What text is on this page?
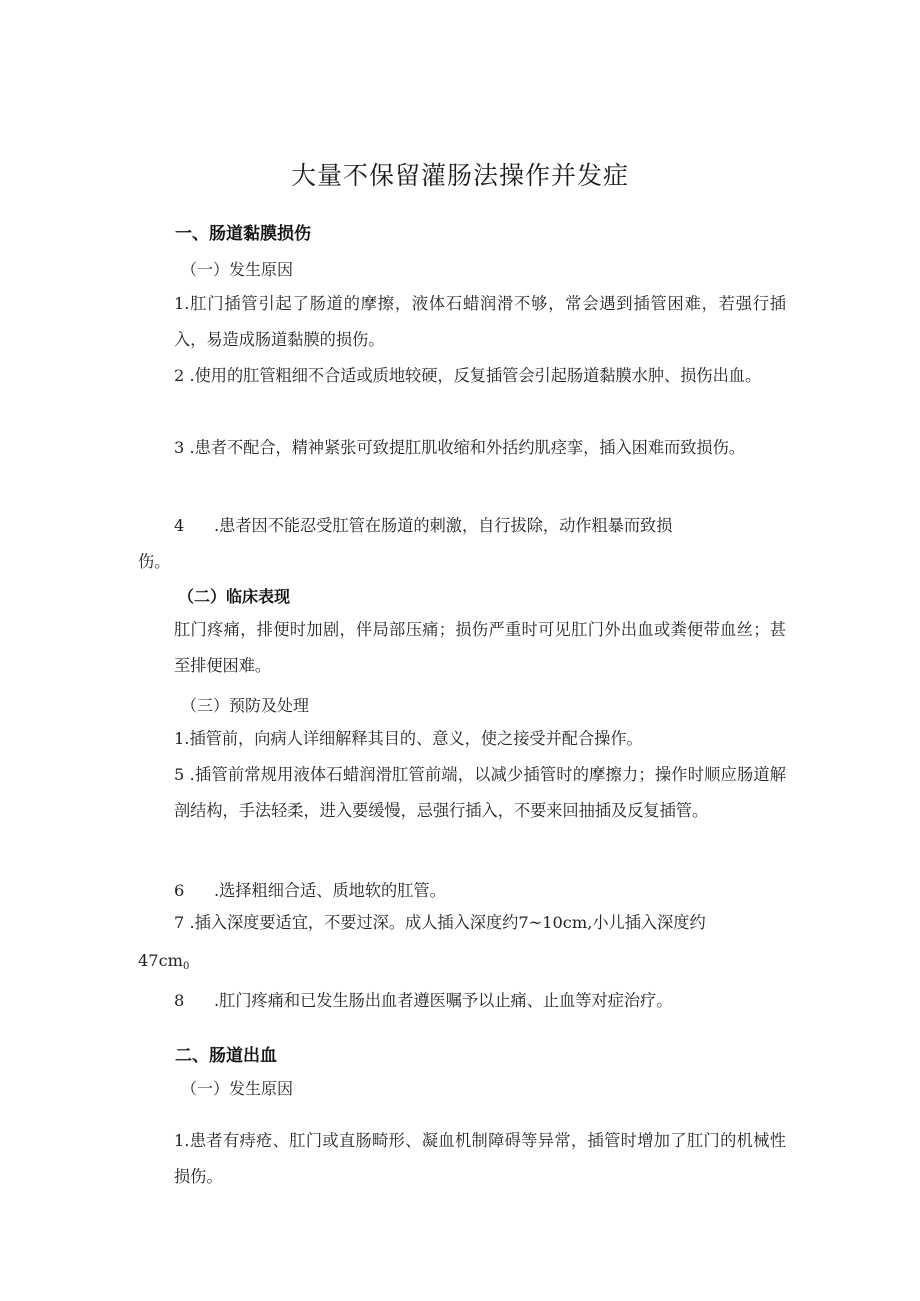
大量不保留灌肠法操作并发症
一、肠道黏膜损伤
（一）发生原因
1.肛门插管引起了肠道的摩擦，液体石蜡润滑不够，常会遇到插管困难，若强行插入，易造成肠道黏膜的损伤。
2 .使用的肛管粗细不合适或质地较硬，反复插管会引起肠道黏膜水肿、损伤出血。
3 .患者不配合，精神紧张可致提肛肌收缩和外括约肌痉挛，插入困难而致损伤。
4 .患者因不能忍受肛管在肠道的刺激，自行拔除，动作粗暴而致损
伤。
（二）临床表现
肛门疼痛，排便时加剧，伴局部压痛；损伤严重时可见肛门外出血或粪便带血丝；甚至排便困难。
（三）预防及处理
1.插管前，向病人详细解释其目的、意义，使之接受并配合操作。
5 .插管前常规用液体石蜡润滑肛管前端，以减少插管时的摩擦力；操作时顺应肠道解剖结构，手法轻柔，进入要缓慢，忌强行插入，不要来回抽插及反复插管。
6 .选择粗细合适、质地软的肛管。
7 .插入深度要适宜，不要过深。成人插入深度约7~10cm,小儿插入深度约
47cm0
8 .肛门疼痛和已发生肠出血者遵医嘱予以止痛、止血等对症治疗。
二、肠道出血
（一）发生原因
1.患者有痔疮、肛门或直肠畸形、凝血机制障碍等异常，插管时增加了肛门的机械性损伤。
